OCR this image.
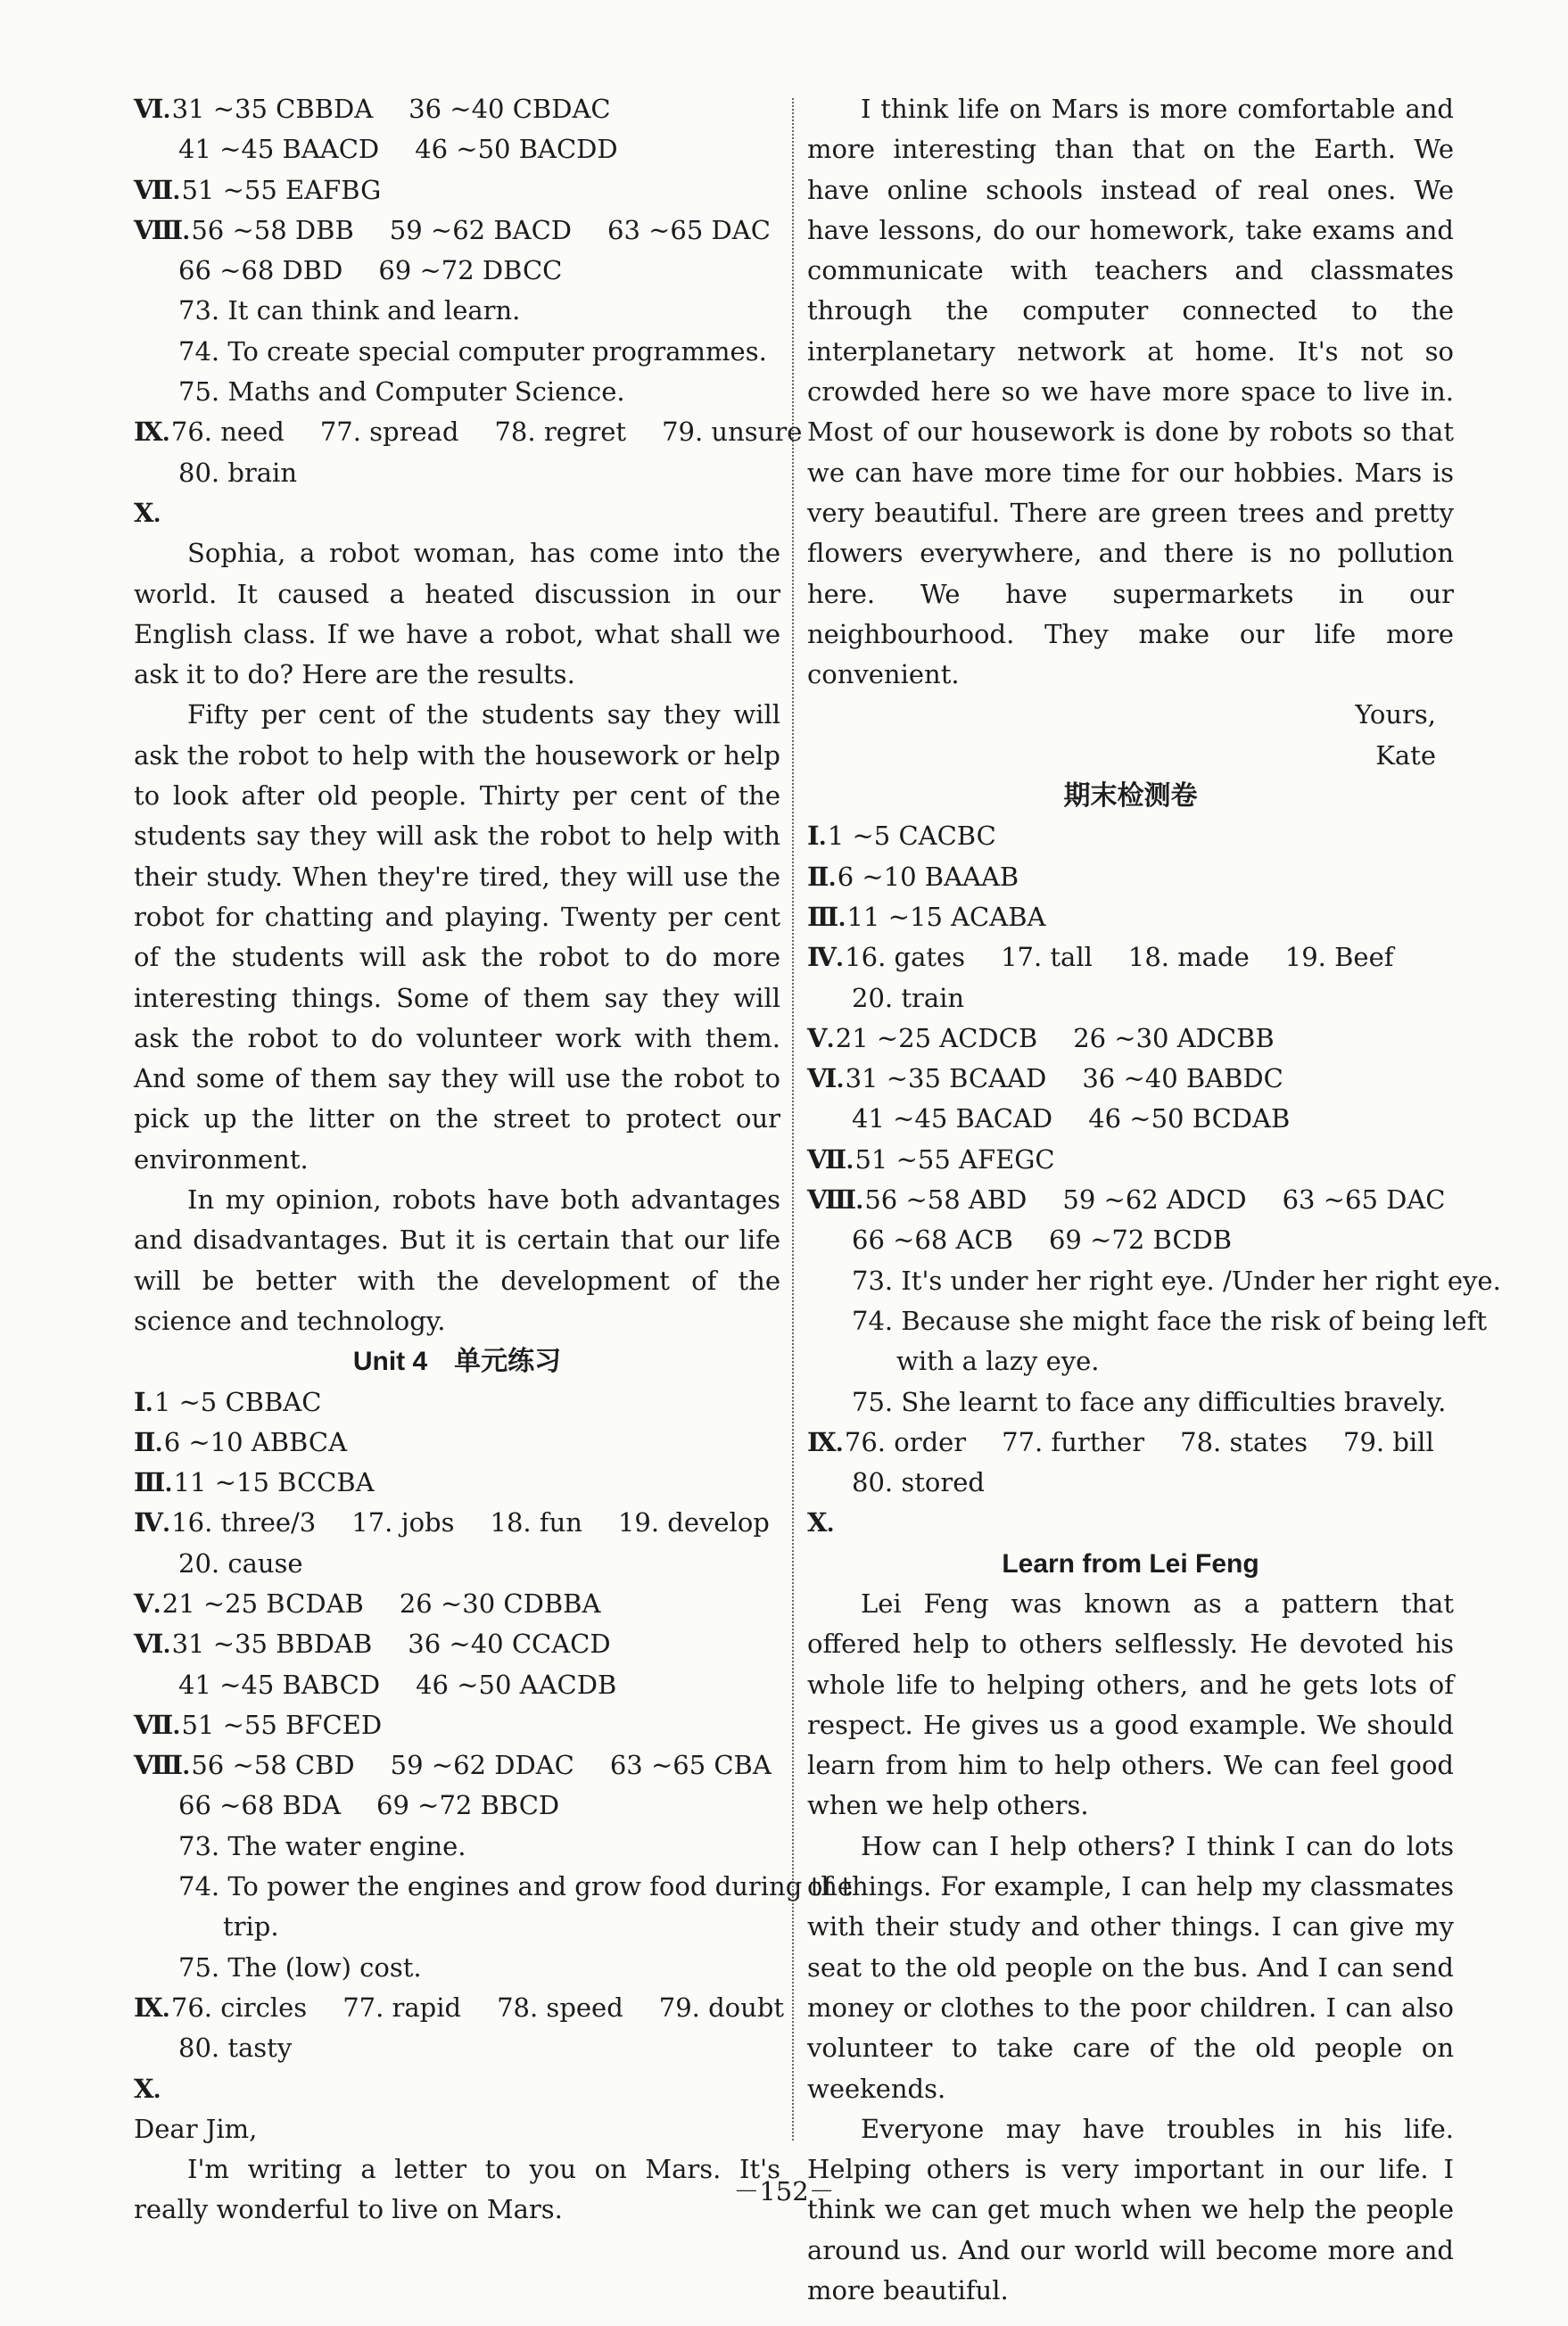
Ⅵ.31 ~35 CBBDA 36 ~40 CBDAC
41 ~45 BAACD 46 ~50 BACDD
Ⅶ.51 ~55 EAFBG
Ⅷ.56 ~58 DBB 59 ~62 BACD 63 ~65 DAC
66 ~68 DBD 69 ~72 DBCC
73. It can think and learn.
74. To create special computer programmes.
75. Maths and Computer Science.
Ⅸ.76. need 77. spread 78. regret 79. unsure
80. brain
Ⅹ.

Sophia, a robot woman, has come into the world. It caused a heated discussion in our English class. If we have a robot, what shall we ask it to do? Here are the results.

Fifty per cent of the students say they will ask the robot to help with the housework or help to look after old people. Thirty per cent of the students say they will ask the robot to help with their study. When they're tired, they will use the robot for chatting and playing. Twenty per cent of the students will ask the robot to do more interesting things. Some of them say they will ask the robot to do volunteer work with them. And some of them say they will use the robot to pick up the litter on the street to protect our environment.

In my opinion, robots have both advantages and disadvantages. But it is certain that our life will be better with the development of the science and technology.

Unit 4　单元练习
Ⅰ.1 ~5 CBBAC
Ⅱ.6 ~10 ABBCA
Ⅲ.11 ~15 BCCBA
Ⅳ.16. three/3 17. jobs 18. fun 19. develop
20. cause
Ⅴ.21 ~25 BCDAB 26 ~30 CDBBA
Ⅵ.31 ~35 BBDAB 36 ~40 CCACD
41 ~45 BABCD 46 ~50 AACDB
Ⅶ.51 ~55 BFCED
Ⅷ.56 ~58 CBD 59 ~62 DDAC 63 ~65 CBA
66 ~68 BDA 69 ~72 BBCD
73. The water engine.
74. To power the engines and grow food during the
trip.
75. The (low) cost.
Ⅸ.76. circles 77. rapid 78. speed 79. doubt
80. tasty
Ⅹ.
Dear Jim,

I'm writing a letter to you on Mars. It's really wonderful to live on Mars.

I think life on Mars is more comfortable and more interesting than that on the Earth. We have online schools instead of real ones. We have lessons, do our homework, take exams and communicate with teachers and classmates through the computer connected to the interplanetary network at home. It's not so crowded here so we have more space to live in. Most of our housework is done by robots so that we can have more time for our hobbies. Mars is very beautiful. There are green trees and pretty flowers everywhere, and there is no pollution here. We have supermarkets in our neighbourhood. They make our life more convenient.

Yours,
Kate
期末检测卷
Ⅰ.1 ~5 CACBC
Ⅱ.6 ~10 BAAAB
Ⅲ.11 ~15 ACABA
Ⅳ.16. gates 17. tall 18. made 19. Beef
20. train
Ⅴ.21 ~25 ACDCB 26 ~30 ADCBB
Ⅵ.31 ~35 BCAAD 36 ~40 BABDC
41 ~45 BACAD 46 ~50 BCDAB
Ⅶ.51 ~55 AFEGC
Ⅷ.56 ~58 ABD 59 ~62 ADCD 63 ~65 DAC
66 ~68 ACB 69 ~72 BCDB
73. It's under her right eye. /Under her right eye.
74. Because she might face the risk of being left
with a lazy eye.
75. She learnt to face any difficulties bravely.
Ⅸ.76. order 77. further 78. states 79. bill
80. stored
Ⅹ.
Learn from Lei Feng

Lei Feng was known as a pattern that offered help to others selflessly. He devoted his whole life to helping others, and he gets lots of respect. He gives us a good example. We should learn from him to help others. We can feel good when we help others.

How can I help others? I think I can do lots of things. For example, I can help my classmates with their study and other things. I can give my seat to the old people on the bus. And I can send money or clothes to the poor children. I can also volunteer to take care of the old people on weekends.

Everyone may have troubles in his life. Helping others is very important in our life. I think we can get much when we help the people around us. And our world will become more and more beautiful.

－152－
